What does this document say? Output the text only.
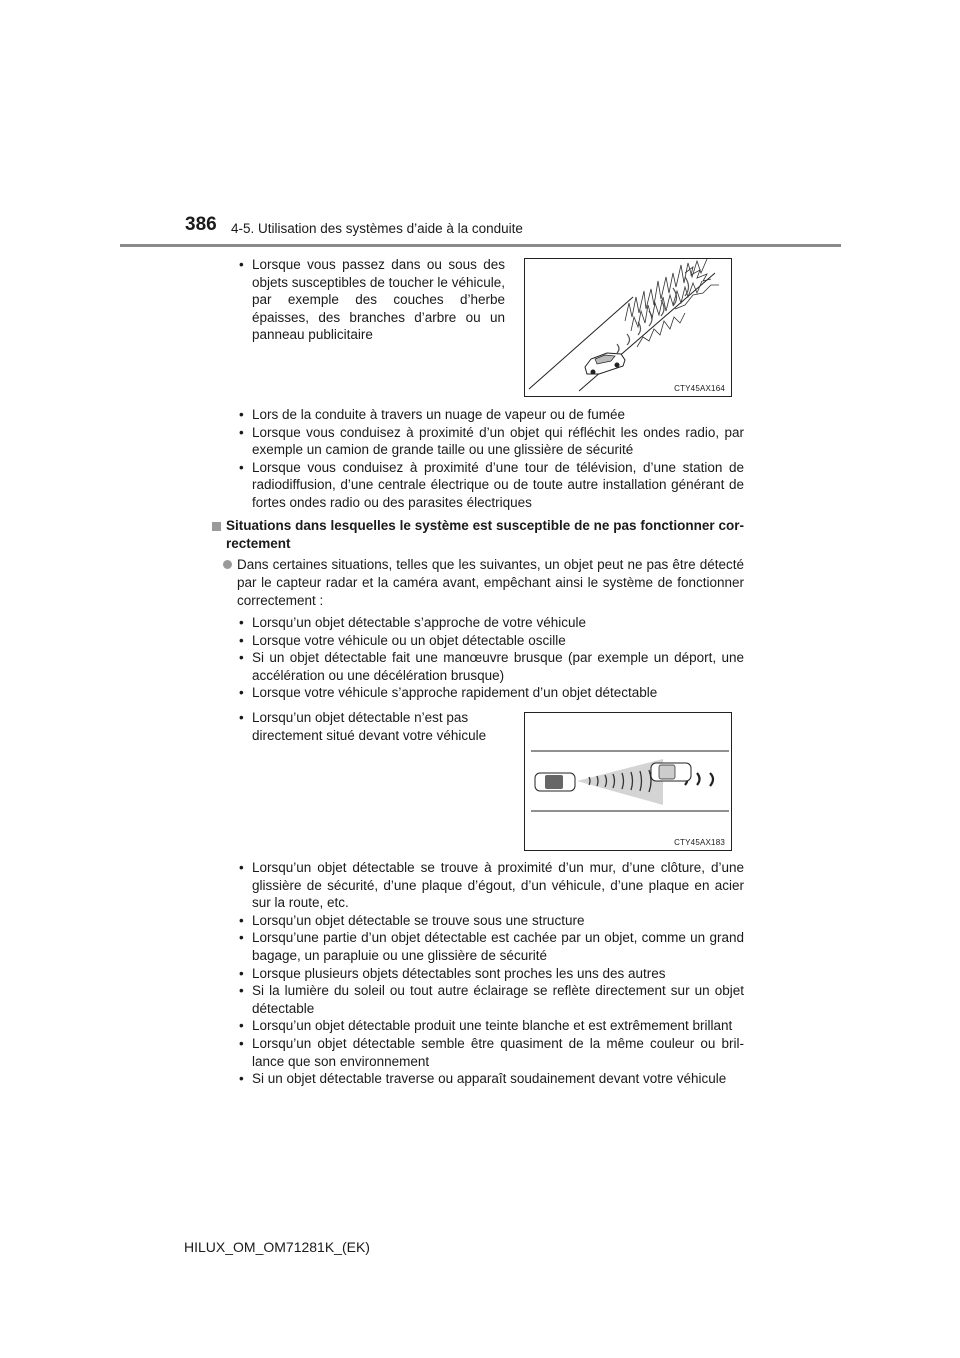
386 4-5. Utilisation des systèmes d’aide à la conduite
• Lorsque vous passez dans ou sous des objets susceptibles de toucher le véhicule, par exemple des couches d’herbe épaisses, des branches d’arbre ou un panneau publicitaire
CTY45AX164
• Lors de la conduite à travers un nuage de vapeur ou de fumée
• Lorsque vous conduisez à proximité d’un objet qui réfléchit les ondes radio, par exemple un camion de grande taille ou une glissière de sécurité
• Lorsque vous conduisez à proximité d’une tour de télévision, d’une station de radiodiffusion, d’une centrale électrique ou de toute autre installation générant de fortes ondes radio ou des parasites électriques
Situations dans lesquelles le système est susceptible de ne pas fonctionner correctement
Dans certaines situations, telles que les suivantes, un objet peut ne pas être détecté par le capteur radar et la caméra avant, empêchant ainsi le système de fonctionner correctement :
• Lorsqu’un objet détectable s’approche de votre véhicule
• Lorsque votre véhicule ou un objet détectable oscille
• Si un objet détectable fait une manœuvre brusque (par exemple un déport, une accélération ou une décélération brusque)
• Lorsque votre véhicule s’approche rapidement d’un objet détectable
• Lorsqu’un objet détectable n’est pas directement situé devant votre véhicule
CTY45AX183
• Lorsqu’un objet détectable se trouve à proximité d’un mur, d’une clôture, d’une glissière de sécurité, d’une plaque d’égout, d’un véhicule, d’une plaque en acier sur la route, etc.
• Lorsqu’un objet détectable se trouve sous une structure
• Lorsqu’une partie d’un objet détectable est cachée par un objet, comme un grand bagage, un parapluie ou une glissière de sécurité
• Lorsque plusieurs objets détectables sont proches les uns des autres
• Si la lumière du soleil ou tout autre éclairage se reflète directement sur un objet détectable
• Lorsqu’un objet détectable produit une teinte blanche et est extrêmement brillant
• Lorsqu’un objet détectable semble être quasiment de la même couleur ou brillance que son environnement
• Si un objet détectable traverse ou apparaît soudainement devant votre véhicule
HILUX_OM_OM71281K_(EK)
